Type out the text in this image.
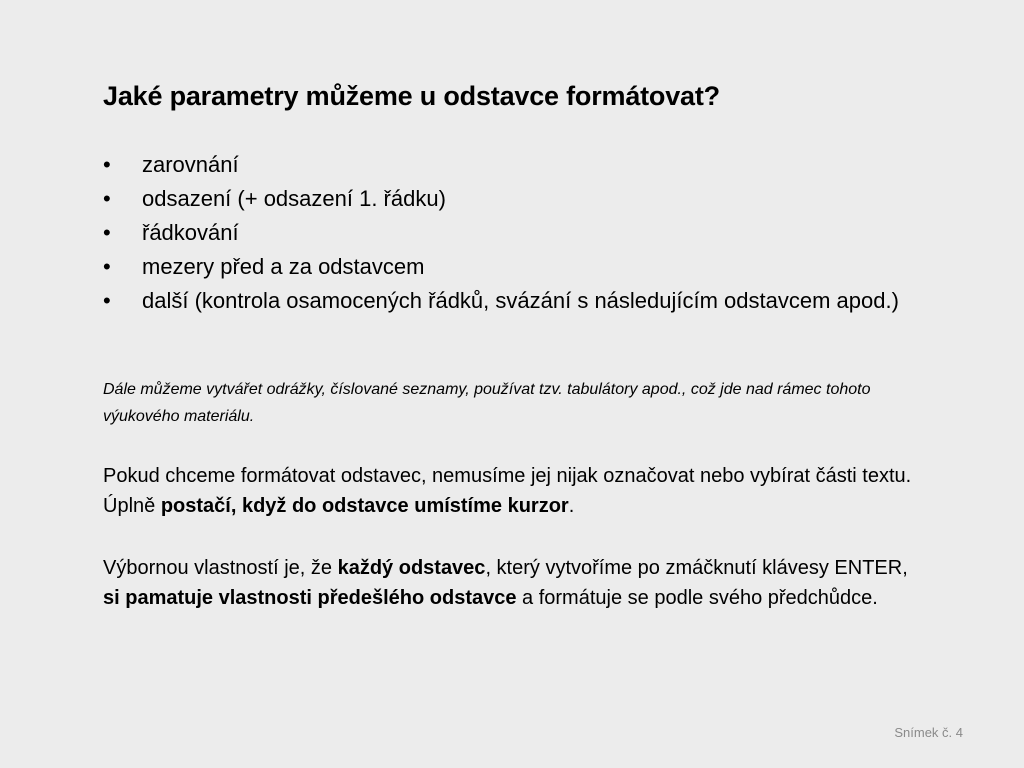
Jaké parametry můžeme u odstavce formátovat?
•	zarovnání
•	odsazení (+ odsazení 1. řádku)
•	řádkování
•	mezery před a za odstavcem
•	další (kontrola osamocených řádků, svázání s následujícím odstavcem apod.)
Dále můžeme vytvářet odrážky, číslované seznamy, používat tzv. tabulátory apod., což jde nad rámec tohoto výukového materiálu.
Pokud chceme formátovat odstavec, nemusíme jej nijak označovat nebo vybírat části textu. Úplně postačí, když do odstavce umístíme kurzor.
Výbornou vlastností je, že každý odstavec, který vytvoříme po zmáčknutí klávesy ENTER, si pamatuje vlastnosti předešlého odstavce a formátuje se podle svého předchůdce.
Snímek č. 4
